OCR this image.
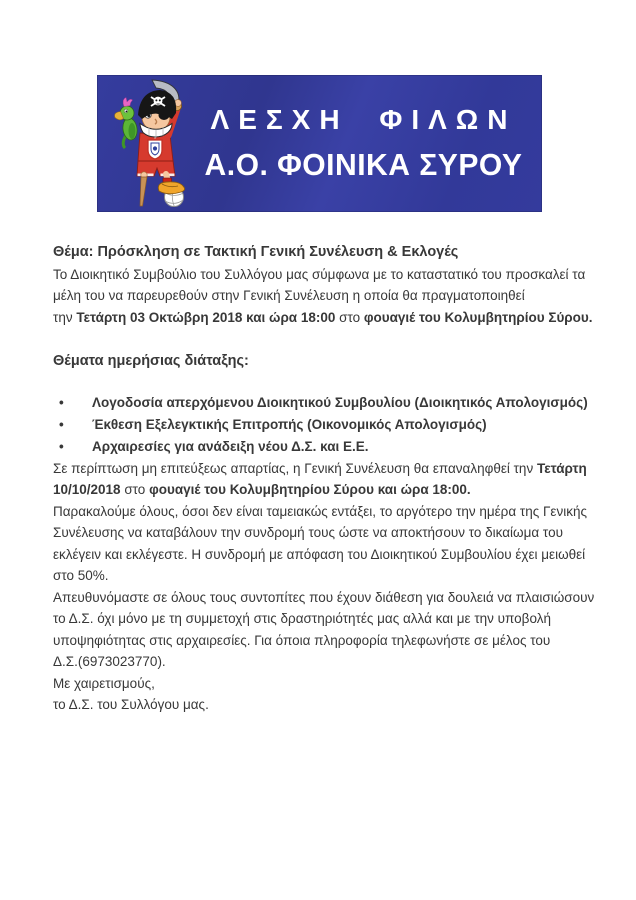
ΛΕΣΧΗ ΦΙΛΩΝ
Α.Ο. ΦΟΙΝΙΚΑ ΣΥΡΟΥ

Θέμα: Πρόσκληση σε Τακτική Γενική Συνέλευση & Εκλογές

Το Διοικητικό Συμβούλιο του Συλλόγου μας σύμφωνα με το καταστατικό του προσκαλεί τα
μέλη του να παρευρεθούν στην Γενική Συνέλευση η οποία θα πραγματοποιηθεί
την Τετάρτη 03 Οκτώβρη 2018 και ώρα 18:00 στο φουαγιέ του Κολυμβητηρίου Σύρου.

Θέματα ημερήσιας διάταξης:

• Λογοδοσία απερχόμενου Διοικητικού Συμβουλίου (Διοικητικός Απολογισμός)
• Έκθεση Εξελεγκτικής Επιτροπής (Οικονομικός Απολογισμός)
• Αρχαιρεσίες για ανάδειξη νέου Δ.Σ. και Ε.Ε.

Σε περίπτωση μη επιτεύξεως απαρτίας, η Γενική Συνέλευση θα επαναληφθεί την Τετάρτη
10/10/2018 στο φουαγιέ του Κολυμβητηρίου Σύρου και ώρα 18:00.

Παρακαλούμε όλους, όσοι δεν είναι ταμειακώς εντάξει, το αργότερο την ημέρα της Γενικής
Συνέλευσης να καταβάλουν την συνδρομή τους ώστε να αποκτήσουν το δικαίωμα του
εκλέγειν και εκλέγεστε. Η συνδρομή με απόφαση του Διοικητικού Συμβουλίου έχει μειωθεί
στο 50%.

Απευθυνόμαστε σε όλους τους συντοπίτες που έχουν διάθεση για δουλειά να πλαισιώσουν
το Δ.Σ. όχι μόνο με τη συμμετοχή στις δραστηριότητές μας αλλά και με την υποβολή
υποψηφιότητας στις αρχαιρεσίες. Για όποια πληροφορία τηλεφωνήστε σε μέλος του
Δ.Σ.(6973023770).

Με χαιρετισμούς,

το Δ.Σ. του Συλλόγου μας.
